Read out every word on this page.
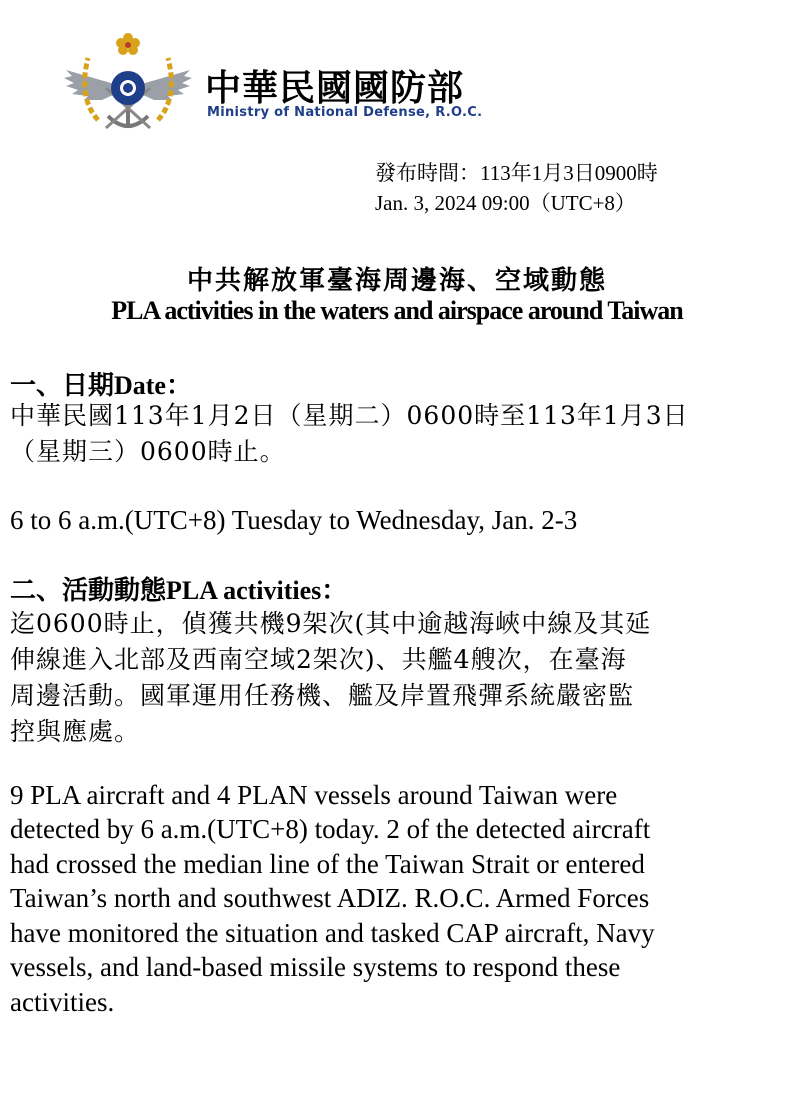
中華民國國防部
Ministry of National Defense, R.O.C.
發布時間：113年1月3日0900時
Jan. 3, 2024 09:00（UTC+8）
中共解放軍臺海周邊海、空域動態
PLA activities in the waters and airspace around Taiwan
一、日期Date：
中華民國113年1月2日（星期二）0600時至113年1月3日
（星期三）0600時止。
6 to 6 a.m.(UTC+8) Tuesday to Wednesday, Jan. 2-3
二、活動動態PLA activities：
迄0600時止，偵獲共機9架次(其中逾越海峽中線及其延
伸線進入北部及西南空域2架次)、共艦4艘次，在臺海
周邊活動。國軍運用任務機、艦及岸置飛彈系統嚴密監
控與應處。
9 PLA aircraft and 4 PLAN vessels around Taiwan were
detected by 6 a.m.(UTC+8) today. 2 of the detected aircraft
had crossed the median line of the Taiwan Strait or entered
Taiwan’s north and southwest ADIZ. R.O.C. Armed Forces
have monitored the situation and tasked CAP aircraft, Navy
vessels, and land-based missile systems to respond these
activities.
